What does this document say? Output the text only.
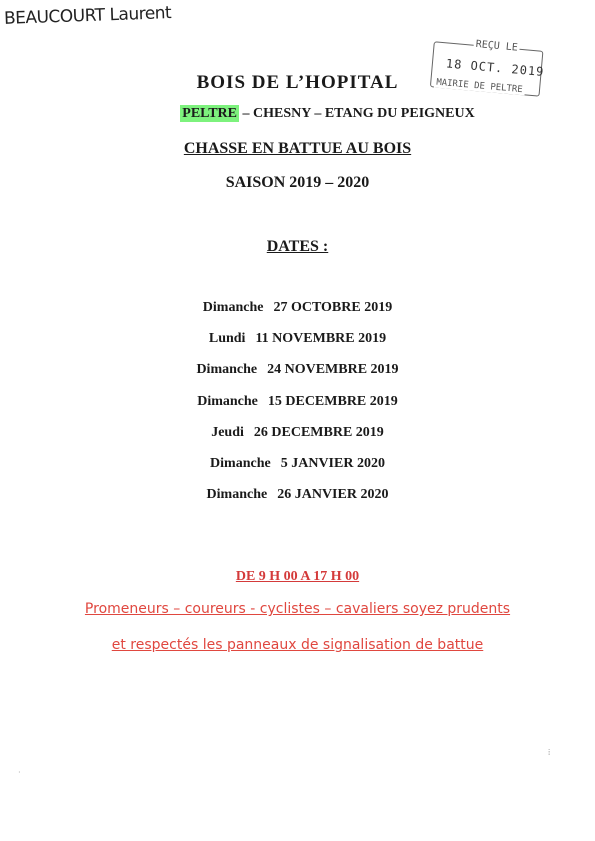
BEAUCOURT Laurent
REÇU LE
18 OCT. 2019
MAIRIE DE PELTRE
BOIS DE L’HOPITAL
PELTRE – CHESNY – ETANG DU PEIGNEUX
CHASSE EN BATTUE AU BOIS
SAISON 2019 – 2020
DATES :
Dimanche 27 OCTOBRE 2019
Lundi 11 NOVEMBRE 2019
Dimanche 24 NOVEMBRE 2019
Dimanche 15 DECEMBRE 2019
Jeudi 26 DECEMBRE 2019
Dimanche 5 JANVIER 2020
Dimanche 26 JANVIER 2020
DE 9 H 00 A 17 H 00
Promeneurs – coureurs - cyclistes – cavaliers soyez prudents
et respectés les panneaux de signalisation de battue
·
⁞
